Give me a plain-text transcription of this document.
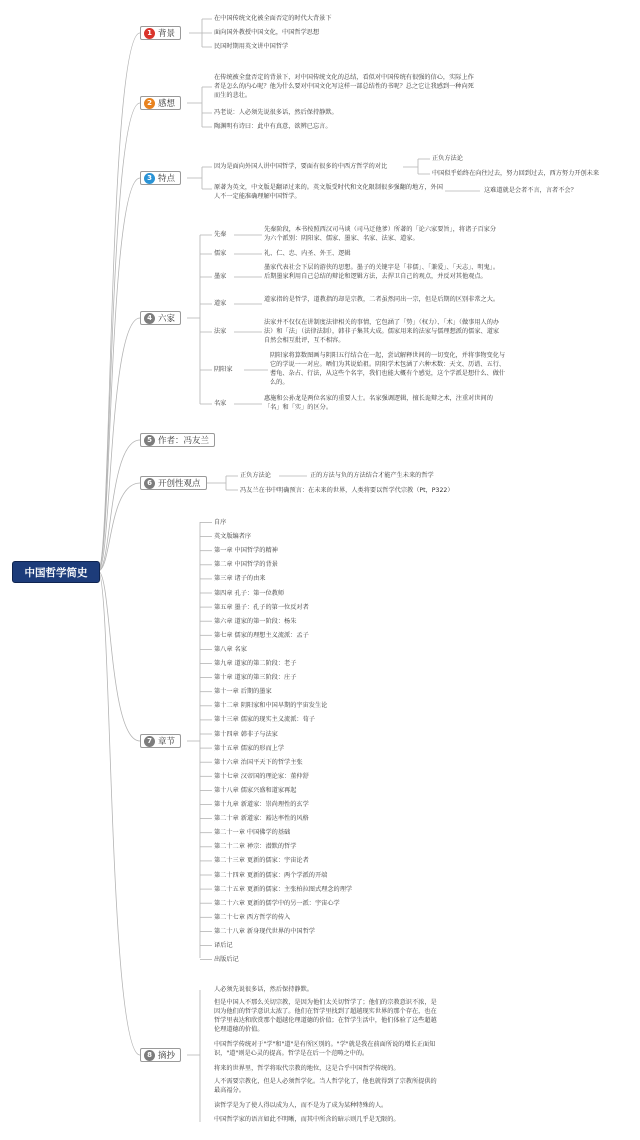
中国哲学简史
1 背景
在中国传统文化被全面否定的时代大背景下
面向国外教授中国文化，中国哲学思想
民国时期用英文讲中国哲学
2 感想
在传统被全盘否定的背景下，对中国传统文化的总结，看似对中国传统有很强的信心，实际上作者是怎么的内心呢？他为什么要对中国文化写这样一部总结性的书呢？总之它让我感到一种向死而生的悲壮。
冯老说：人必须先说很多话，然后保持静默。
陶渊明有诗曰：此中有真意，欲辨已忘言。
3 特点
因为是面向外国人讲中国哲学，要面有很多的中西方哲学的对比
正负方法论
中国似乎始终在向往过去，努力回到过去，西方努力开创未来
原著为英文，中文版是翻译过来的。英文版受时代和文化限制很多强翻的地方，外国人不一定能准确理解中国哲学。
这难道就是会者不言，言者不会？
4 六家
先秦
先秦阶段，本书按照西汉司马谈（司马迁他爹）所著的「论六家要旨」，将诸子百家分为六个派别：阴阳家、儒家、墨家、名家、法家、道家。
儒家	礼、仁、忠、内圣、外王、逻辑
墨家
墨家代表社会下层的游侠的思想。墨子的关键字是「非儒」、「兼爱」、「天志」、明鬼」。后期墨家利用自己总结的辩论和逻辑方法，去捍卫自己的观点，并反对其他观点。
道家
道家指的是哲学，道教指的却是宗教，二者虽然同出一宗，但是后期的区别非常之大。
法家
法家并不仅仅在讲制度法律相关的事情，它包涵了「势」（权力）、「术」（做事用人的办法）和「法」（法律法制），韩非子集其大成。儒家用来的法家与儒理想派的儒家、道家自然会相互批评，互不相容。
阴阳家
阴阳家将算数图画与阴阳五行结合在一起，尝试解释世间的一切变化，并将事物变化与它的学说一一对应。晒们为其说始祖。阴阳学术包涵了六种术数：天文、历谱、五行、蓍龟、杂占、行法，从这些个名字，我们也能大概有个感觉，这个学派是想什么、做什么的。
名家
惠施和公孙龙是两位名家的重要人士。名家强调逻辑，擅长诡辩之术，注重对世间的「名」和「实」的区分。
5 作者：冯友兰
6 开创性观点
正负方法论	正的方法与负的方法结合才能产生未来的哲学
冯友兰在书中明确预言：在未来的世界，人类将要以哲学代宗教（Pt，P322）
7 章节
自序
英文版编者序
第一章 中国哲学的精神
第二章 中国哲学的背景
第三章 诸子的由来
第四章 孔子：第一位教师
第五章 墨子：孔子的第一位反对者
第六章 道家的第一阶段：杨朱
第七章 儒家的理想主义流派：孟子
第八章 名家
第九章 道家的第二阶段：老子
第十章 道家的第三阶段：庄子
第十一章 后期的墨家
第十二章 阴阳家和中国早期的宇宙发生论
第十三章 儒家的现实主义流派：荀子
第十四章 韩非子与法家
第十五章 儒家的形而上学
第十六章 治国平天下的哲学主张
第十七章 汉帝国的理论家：董仲舒
第十八章 儒家兴盛和道家再起
第十九章 新道家：崇尚理性的玄学
第二十章 新道家：豁达率性的风格
第二十一章 中国佛学的基础
第二十二章 禅宗：潜默的哲学
第二十三章 更新的儒家：宇宙论者
第二十四章 更新的儒家：两个学派的开端
第二十五章 更新的儒家：主张柏拉图式理念的理学
第二十六章 更新的儒学中的另一派：宇宙心学
第二十七章 西方哲学的传入
第二十八章 新身现代世界的中国哲学
译后记
出版后记
8 摘抄
人必须先说很多话，然后保持静默。
但是中国人不那么关切宗教，是因为他们太关切哲学了；他们的宗教意识不浓，是因为他们的哲学意识太浓了。他们在哲学里找到了超越现实世界的那个存在，也在哲学里表达和欣赏那个超越伦理道德的价值；在哲学生活中，他们体验了这些超越伦理道德的价值。
中国哲学传统对于"学"和"道"是有所区别的。"学"就是我在前面所说的增长正面知识，"道"则是心灵的提高。哲学是在后一个范畴之中的。
将来的世界里，哲学将取代宗教的地位，这是合乎中国哲学传统的。
人不需要宗教化，但是人必须哲学化。当人哲学化了，他也就得到了宗教所提供的最高福分。
读哲学是为了使人得以成为人，而不是为了成为某种特殊的人。
中国哲学家的语言如此不明晰，而其中所含的暗示则几乎是无限的。
